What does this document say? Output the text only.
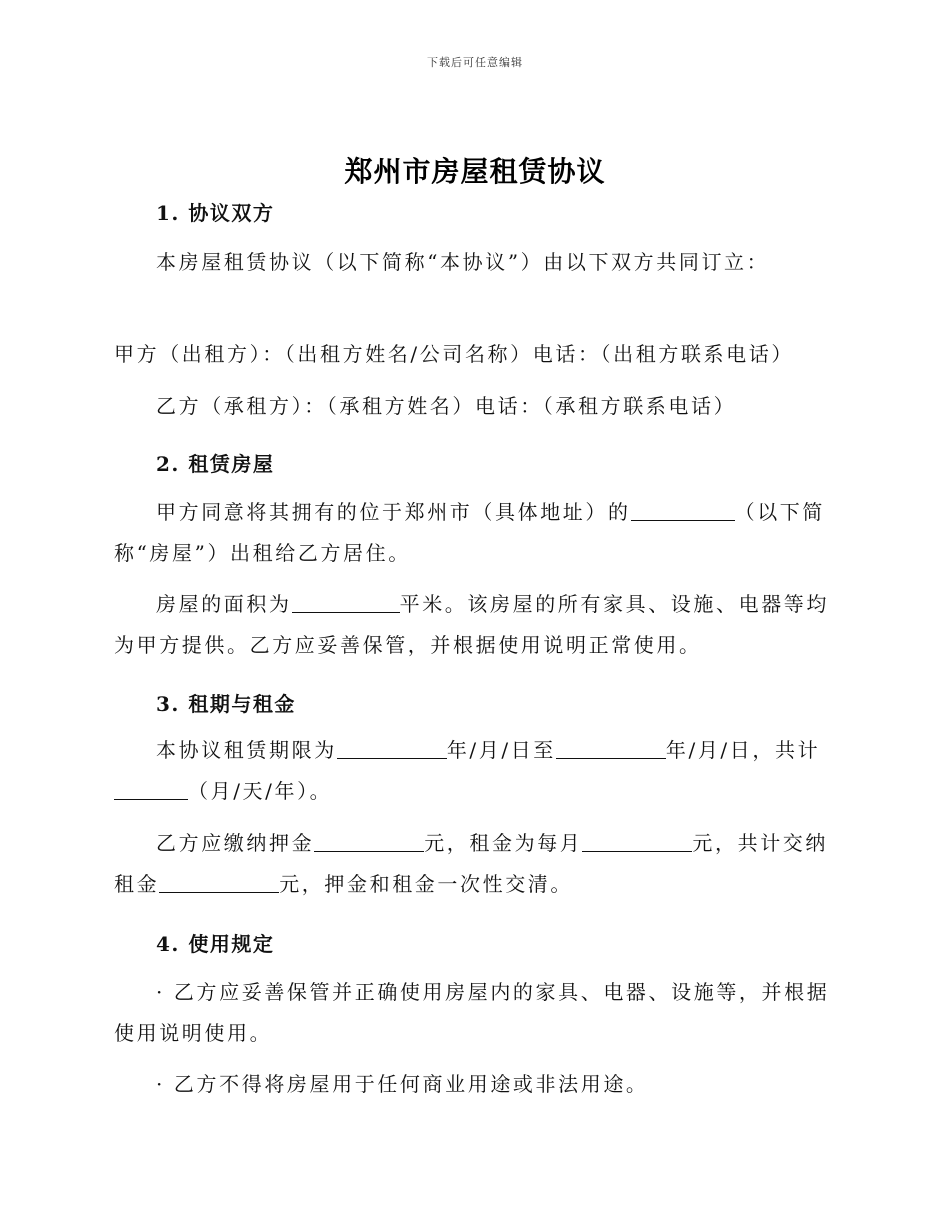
下载后可任意编辑
郑州市房屋租赁协议
1. 协议双方

本房屋租赁协议（以下简称“本协议”）由以下双方共同订立：

甲方（出租方）：（出租方姓名/公司名称）电话：（出租方联系电话）

乙方（承租方）：（承租方姓名）电话：（承租方联系电话）

2. 租赁房屋

甲方同意将其拥有的位于郑州市（具体地址）的	（以下简称“房屋”）出租给乙方居住。

房屋的面积为	平米。该房屋的所有家具、设施、电器等均为甲方提供。乙方应妥善保管，并根据使用说明正常使用。

3. 租期与租金

本协议租赁期限为	年/月/日至	年/月/日，共计（月/天/年）。

乙方应缴纳押金	元，租金为每月	元，共计交纳租金	元，押金和租金一次性交清。

4. 使用规定

· 乙方应妥善保管并正确使用房屋内的家具、电器、设施等，并根据使用说明使用。

· 乙方不得将房屋用于任何商业用途或非法用途。
